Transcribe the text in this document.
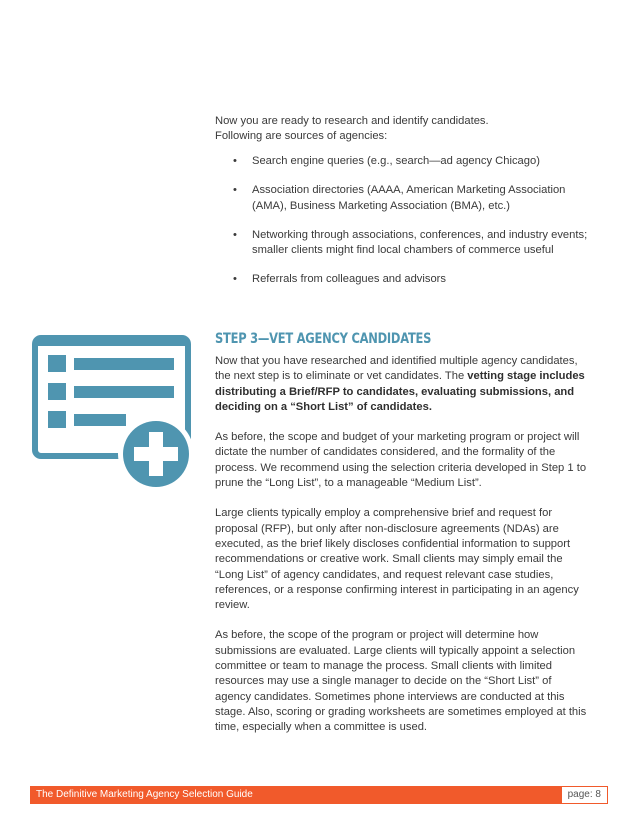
Now you are ready to research and identify candidates.

Following are sources of agencies:

• Search engine queries (e.g., search—ad agency Chicago)
• Association directories (AAAA, American Marketing Association (AMA), Business Marketing Association (BMA), etc.)
• Networking through associations, conferences, and industry events; smaller clients might find local chambers of commerce useful
• Referrals from colleagues and advisors
STEP 3—VET AGENCY CANDIDATES

Now that you have researched and identified multiple agency candidates, the next step is to eliminate or vet candidates. The vetting stage includes distributing a Brief/RFP to candidates, evaluating submissions, and deciding on a “Short List” of candidates.

As before, the scope and budget of your marketing program or project will dictate the number of candidates considered, and the formality of the process. We recommend using the selection criteria developed in Step 1 to prune the “Long List”, to a manageable “Medium List”.

Large clients typically employ a comprehensive brief and request for proposal (RFP), but only after non-disclosure agreements (NDAs) are executed, as the brief likely discloses confidential information to support recommendations or creative work. Small clients may simply email the “Long List” of agency candidates, and request relevant case studies, references, or a response confirming interest in participating in an agency review.

As before, the scope of the program or project will determine how submissions are evaluated. Large clients will typically appoint a selection committee or team to manage the process. Small clients with limited resources may use a single manager to decide on the “Short List” of agency candidates. Sometimes phone interviews are conducted at this stage. Also, scoring or grading worksheets are sometimes employed at this time, especially when a committee is used.

The Definitive Marketing Agency Selection Guide	page: 8
